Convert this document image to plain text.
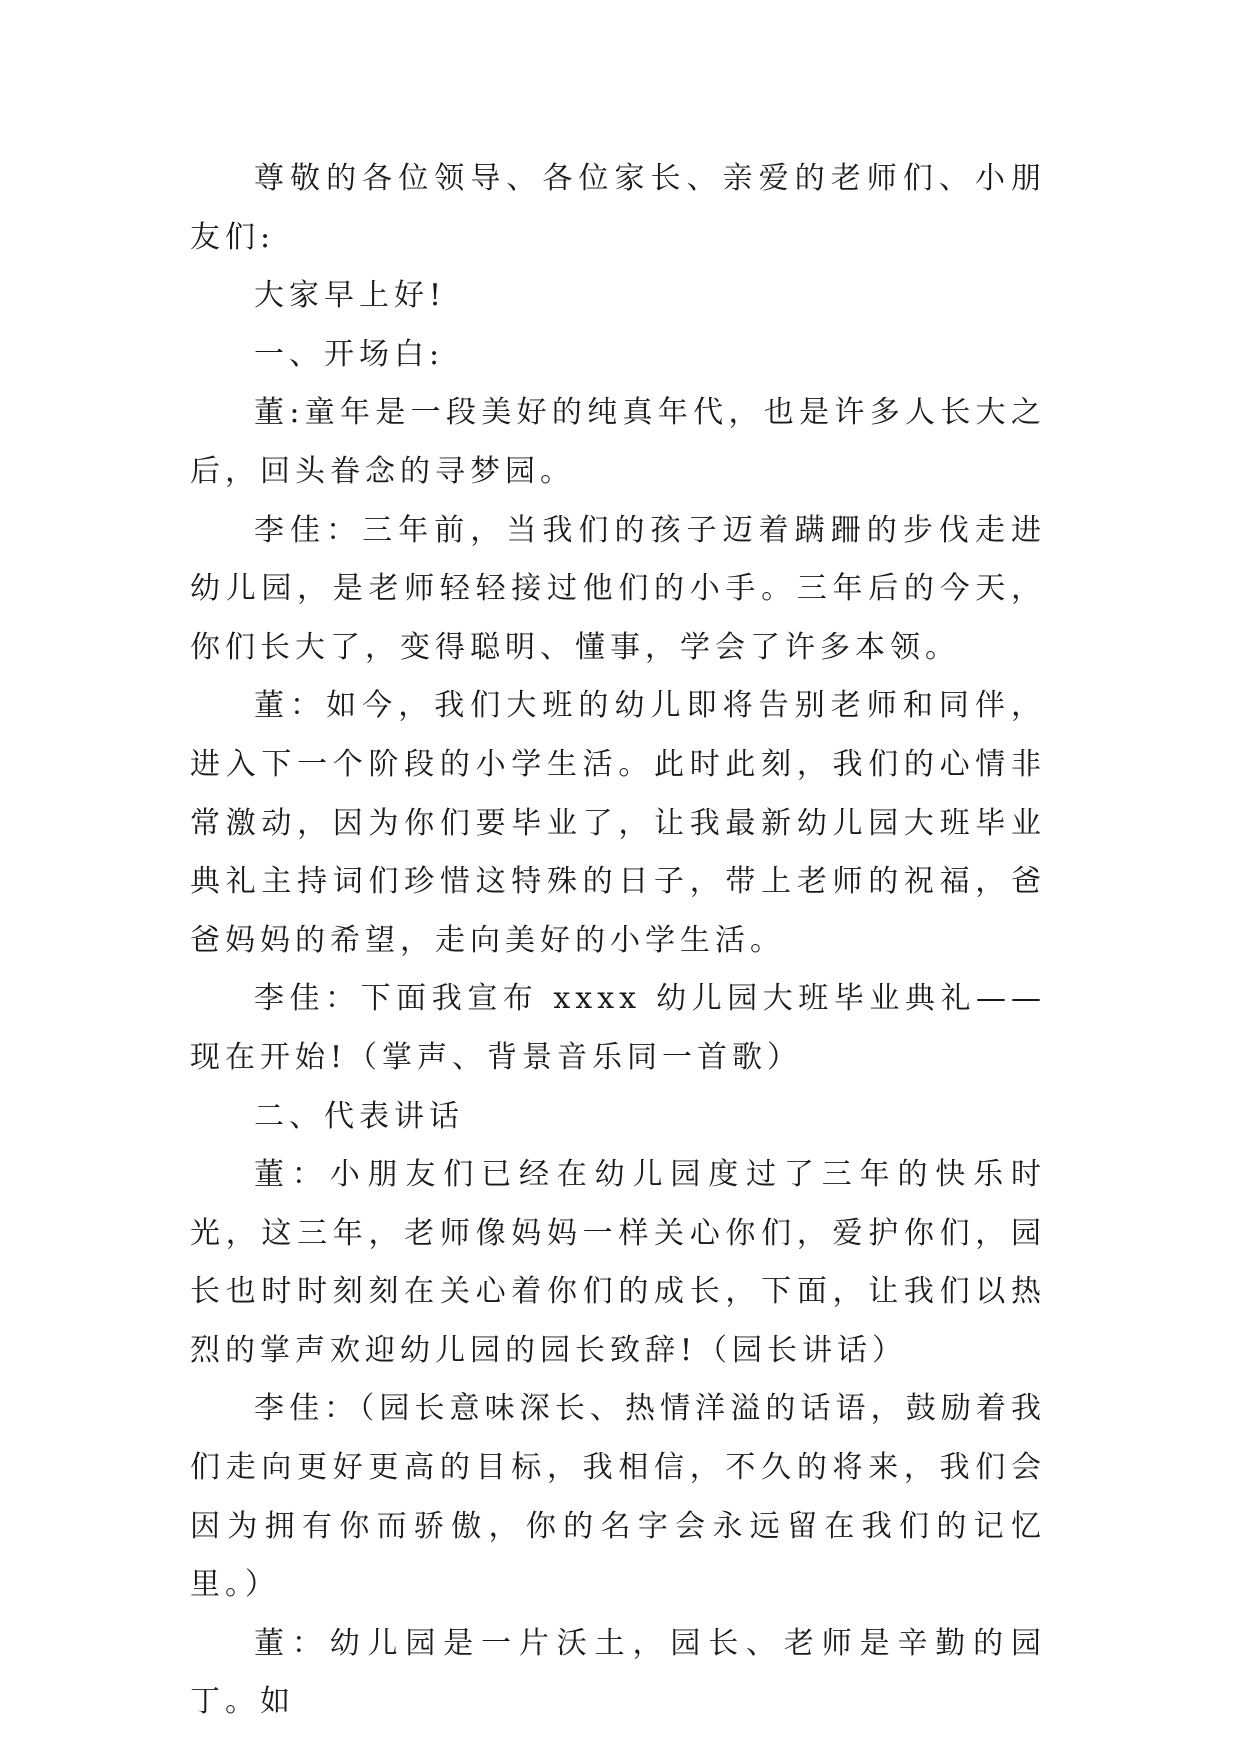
尊敬的各位领导、各位家长、亲爱的老师们、小朋友们:

大家早上好!

一、开场白:

董:童年是一段美好的纯真年代，也是许多人长大之后，回头眷念的寻梦园。

李佳：三年前，当我们的孩子迈着蹒跚的步伐走进幼儿园，是老师轻轻接过他们的小手。三年后的今天，你们长大了，变得聪明、懂事，学会了许多本领。

董：如今，我们大班的幼儿即将告别老师和同伴，进入下一个阶段的小学生活。此时此刻，我们的心情非常激动，因为你们要毕业了，让我最新幼儿园大班毕业典礼主持词们珍惜这特殊的日子，带上老师的祝福，爸爸妈妈的希望，走向美好的小学生活。

李佳：下面我宣布 xxxx 幼儿园大班毕业典礼——现在开始!（掌声、背景音乐同一首歌）

二、代表讲话

董：小朋友们已经在幼儿园度过了三年的快乐时光，这三年，老师像妈妈一样关心你们，爱护你们，园长也时时刻刻在关心着你们的成长，下面，让我们以热烈的掌声欢迎幼儿园的园长致辞!（园长讲话）

李佳：（园长意味深长、热情洋溢的话语，鼓励着我们走向更好更高的目标，我相信，不久的将来，我们会因为拥有你而骄傲，你的名字会永远留在我们的记忆里。）

董：幼儿园是一片沃土，园长、老师是辛勤的园丁。如
